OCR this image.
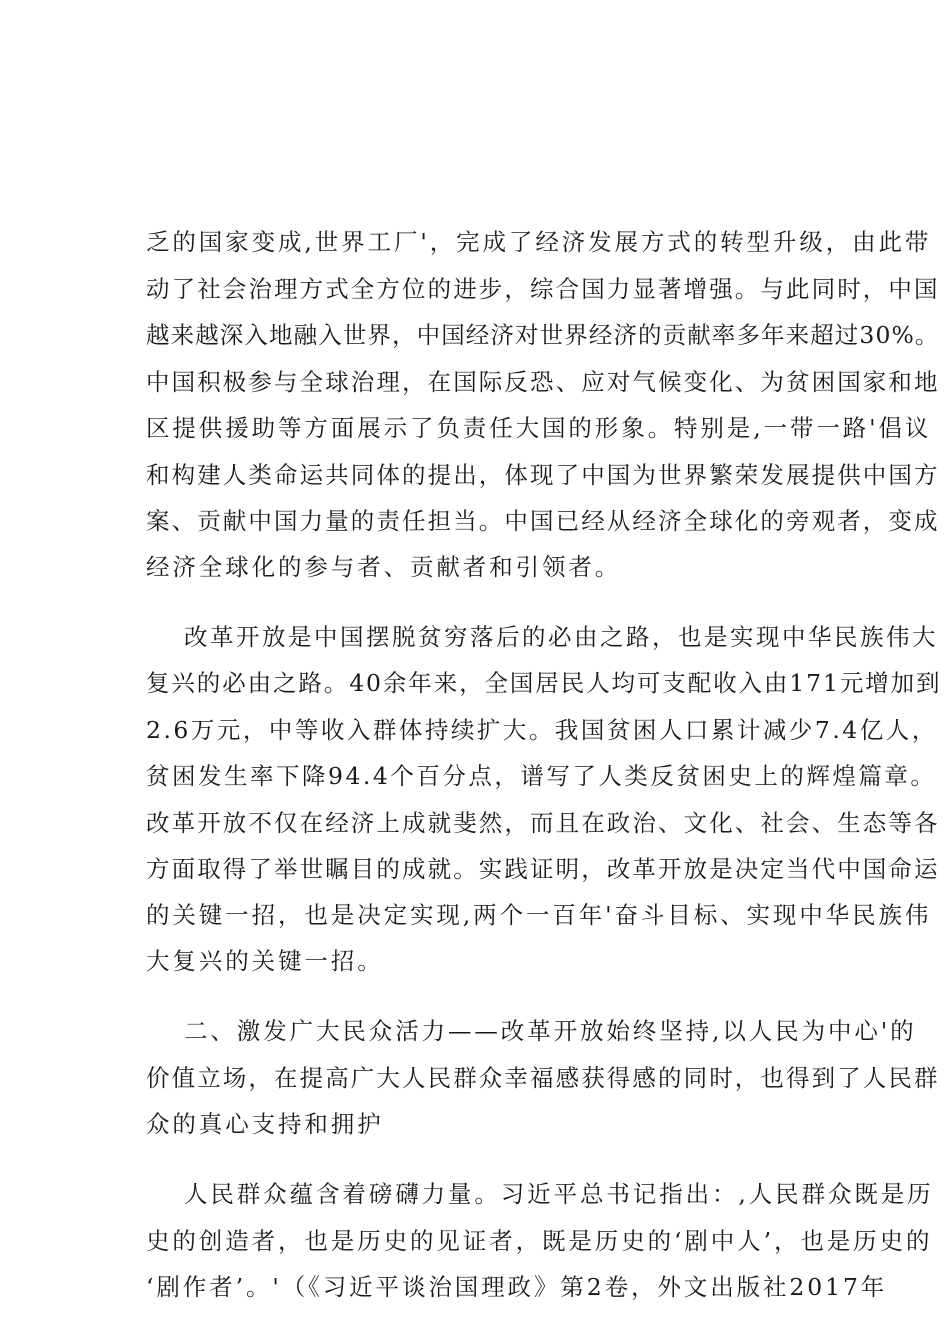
乏的国家变成,世界工厂'，完成了经济发展方式的转型升级，由此带
动了社会治理方式全方位的进步，综合国力显著增强。与此同时，中国
越来越深入地融入世界，中国经济对世界经济的贡献率多年来超过30%。
中国积极参与全球治理，在国际反恐、应对气候变化、为贫困国家和地
区提供援助等方面展示了负责任大国的形象。特别是,一带一路'倡议
和构建人类命运共同体的提出，体现了中国为世界繁荣发展提供中国方
案、贡献中国力量的责任担当。中国已经从经济全球化的旁观者，变成
经济全球化的参与者、贡献者和引领者。
改革开放是中国摆脱贫穷落后的必由之路，也是实现中华民族伟大
复兴的必由之路。40余年来，全国居民人均可支配收入由171元增加到
2.6万元，中等收入群体持续扩大。我国贫困人口累计减少7.4亿人，
贫困发生率下降94.4个百分点，谱写了人类反贫困史上的辉煌篇章。
改革开放不仅在经济上成就斐然，而且在政治、文化、社会、生态等各
方面取得了举世瞩目的成就。实践证明，改革开放是决定当代中国命运
的关键一招，也是决定实现,两个一百年'奋斗目标、实现中华民族伟
大复兴的关键一招。
二、激发广大民众活力——改革开放始终坚持,以人民为中心'的
价值立场，在提高广大人民群众幸福感获得感的同时，也得到了人民群
众的真心支持和拥护
人民群众蕴含着磅礴力量。习近平总书记指出：,人民群众既是历
史的创造者，也是历史的见证者，既是历史的‘剧中人’，也是历史的
‘剧作者’。'（《习近平谈治国理政》第2卷，外文出版社2017年
